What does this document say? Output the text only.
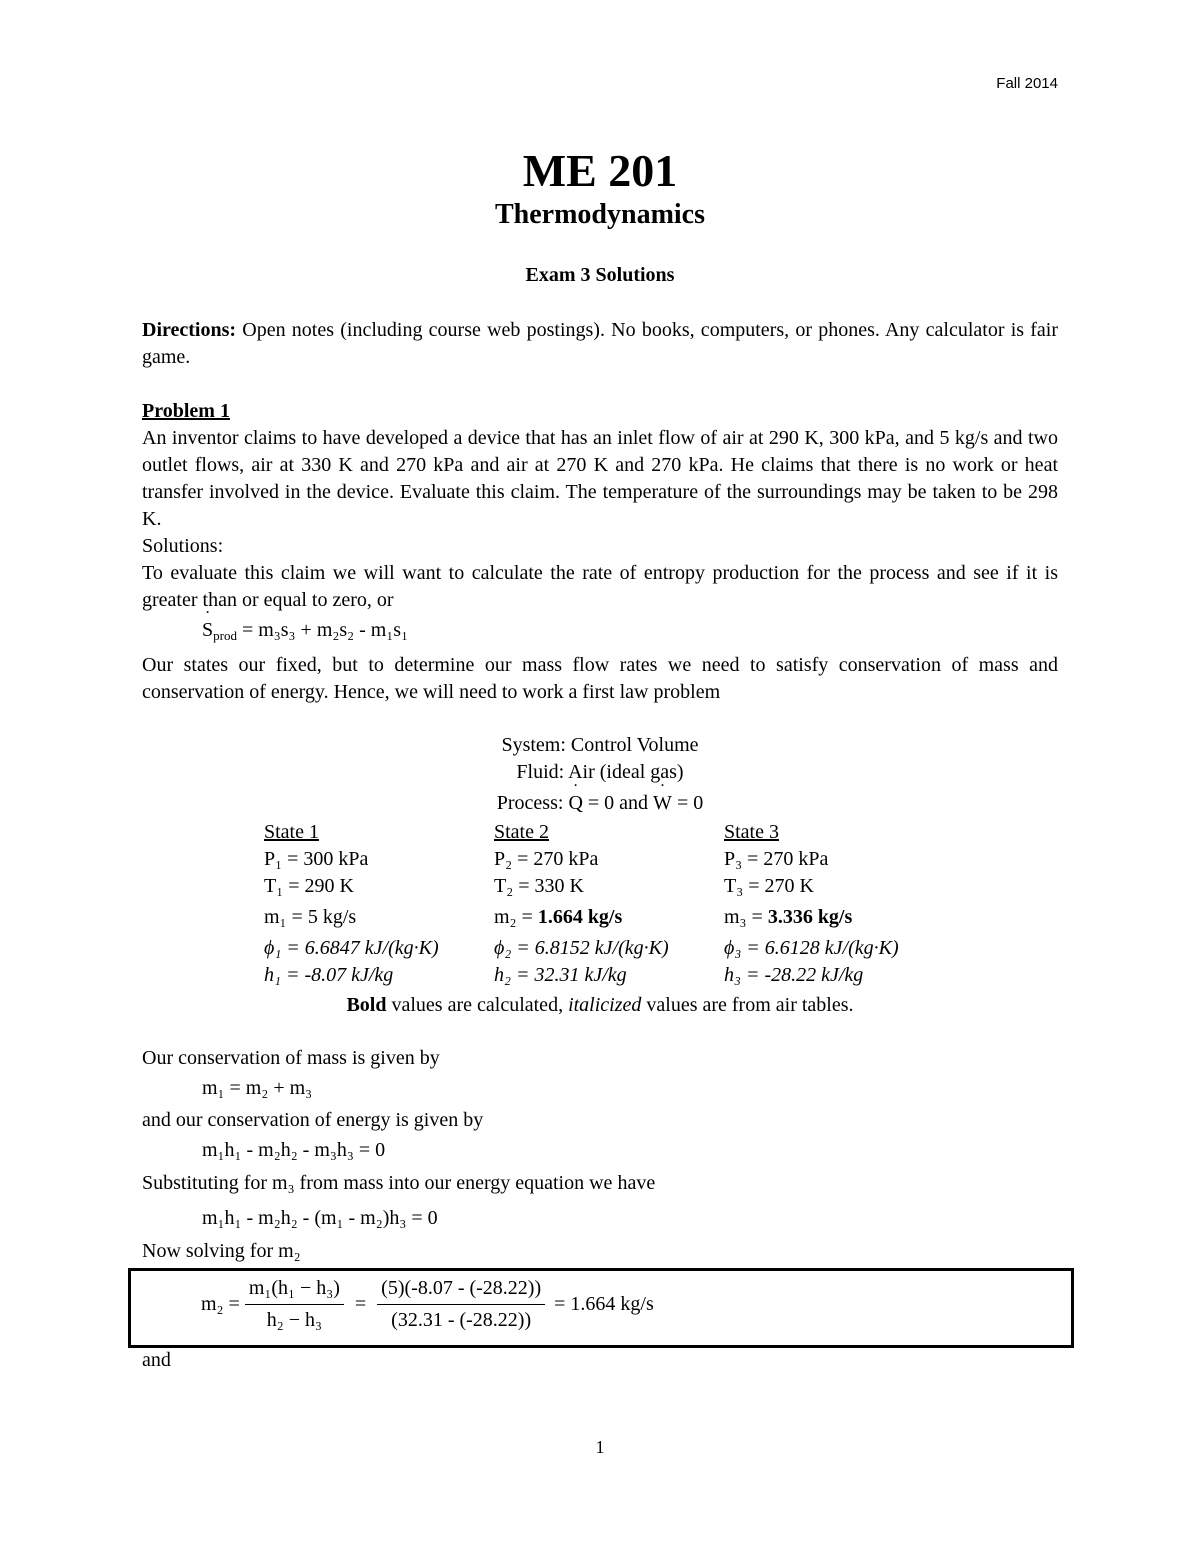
Fall 2014
ME 201
Thermodynamics
Exam 3 Solutions
Directions: Open notes (including course web postings). No books, computers, or phones. Any calculator is fair game.
Problem 1
An inventor claims to have developed a device that has an inlet flow of air at 290 K, 300 kPa, and 5 kg/s and two outlet flows, air at 330 K and 270 kPa and air at 270 K and 270 kPa. He claims that there is no work or heat transfer involved in the device. Evaluate this claim. The temperature of the surroundings may be taken to be 298 K.
Solutions:
To evaluate this claim we will want to calculate the rate of entropy production for the process and see if it is greater than or equal to zero, or
˙ $S_{prod} = m_3s_3 + m_2s_2 - m_1s_1$
Our states our fixed, but to determine our mass flow rates we need to satisfy conservation of mass and conservation of energy. Hence, we will need to work a first law problem
System: Control Volume
Fluid: Air (ideal gas)
Process: ˙ Q = 0 and ˙ W = 0
State 1
P₁ = 300 kPa
T₁ = 290 K
m₁ = 5 kg/s
ϕ₁ = 6.6847 kJ/(kg·K)
h₁ = -8.07 kJ/kg
State 2
P₂ = 270 kPa
T₂ = 330 K
m₂ = 1.664 kg/s
ϕ₂ = 6.8152 kJ/(kg·K)
h₂ = 32.31 kJ/kg
State 3
P₃ = 270 kPa
T₃ = 270 K
m₃ = 3.336 kg/s
ϕ₃ = 6.6128 kJ/(kg·K)
h₃ = -28.22 kJ/kg
Bold values are calculated, italicized values are from air tables.
Our conservation of mass is given by
m₁ = m₂ + m₃
and our conservation of energy is given by
m₁h₁ - m₂h₂ - m₃h₃ = 0
Substituting for m₃ from mass into our energy equation we have
m₁h₁ - m₂h₂ - (m₁ - m₂)h₃ = 0
Now solving for m₂
$m_2 = \frac{\text{m₁(h₁ − h₃)}}{\text{h₂ − h₃}} = \frac{(5)(-8.07 - (-28.22))}{(32.31 - (-28.22))} = 1.664$ kg/s
and
1
